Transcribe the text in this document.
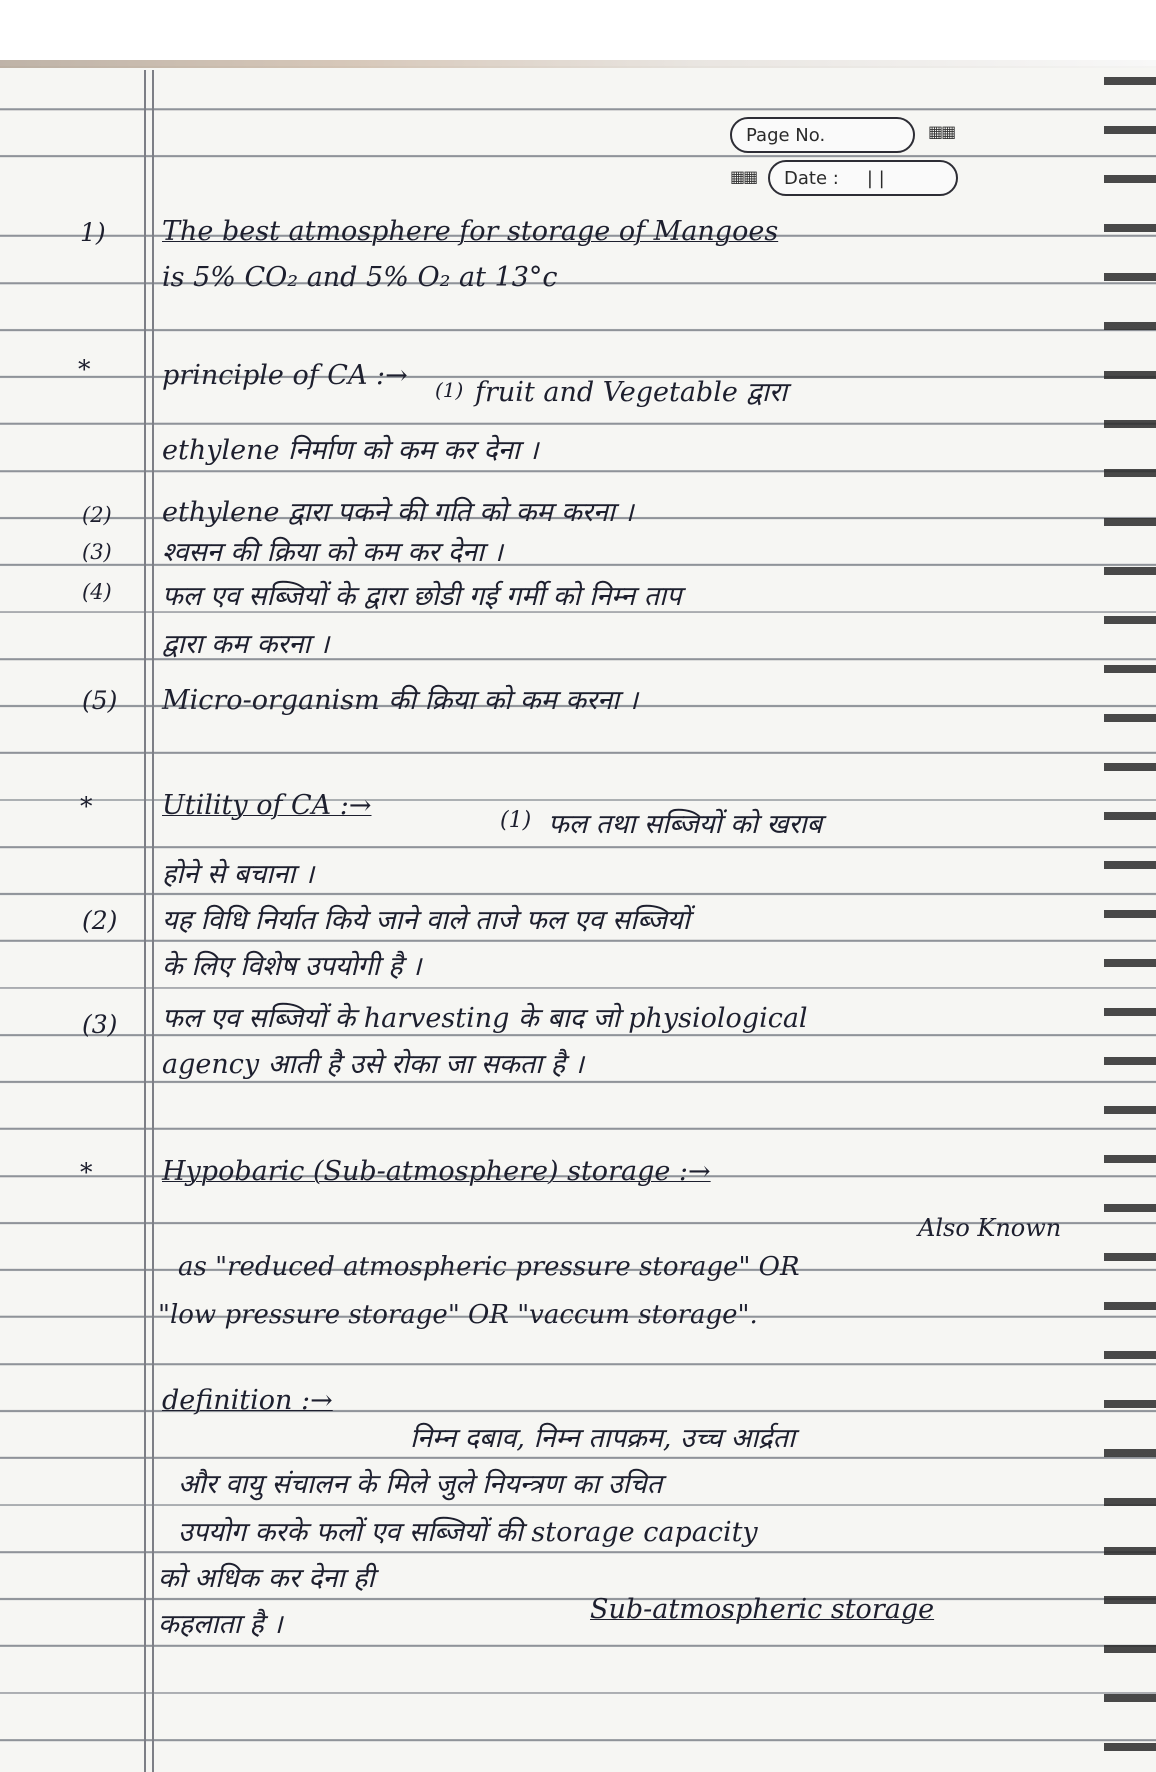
Page No.	▦▦
▦▦ Date : | |
1) The best atmosphere for storage of Mangoes
is 5% CO₂ and 5% O₂ at 13°c
*	principle of CA :→ (1) fruit and Vegetable द्वारा
ethylene निर्माण को कम कर देना ।
(2) ethylene द्वारा पकने की गति को कम करना ।
(3) श्वसन की क्रिया को कम कर देना ।
(4) फल एव सब्जियों के द्वारा छोडी गई गर्मी को निम्न ताप
द्वारा कम करना ।
(5) Micro-organism की क्रिया को कम करना ।
*	Utility of CA :→	(1) फल तथा सब्जियों को खराब
होने से बचाना ।
(2) यह विधि निर्यात किये जाने वाले ताजे फल एव सब्जियों
के लिए विशेष उपयोगी है ।
(3) फल एव सब्जियों के harvesting के बाद जो physiological
agency आती है उसे रोका जा सकता है ।
*	Hypobaric (Sub-atmosphere) storage :→
Also Known
as "reduced atmospheric pressure storage" OR
"low pressure storage" OR "vaccum storage".
definition :→
निम्न दबाव, निम्न तापक्रम, उच्च आर्द्रता
और वायु संचालन के मिले जुले नियन्त्रण का उचित
उपयोग करके फलों एव सब्जियों की storage capacity
को अधिक कर देना ही
कहलाता है ।	Sub-atmospheric storage
